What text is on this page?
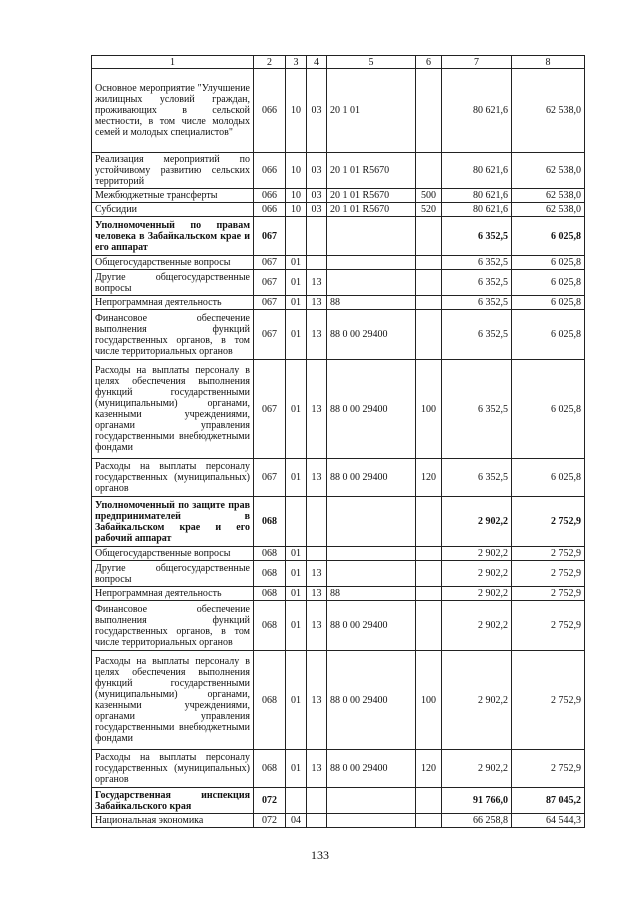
1	2	3	4	5	6	7	8
Основное мероприятие "Улучшение жилищных условий граждан, проживающих в сельской местности, в том числе молодых семей и молодых специалистов"	066	10	03	20 1 01		80 621,6	62 538,0
Реализация мероприятий по устойчивому развитию сельских территорий	066	10	03	20 1 01 R5670		80 621,6	62 538,0
Межбюджетные трансферты	066	10	03	20 1 01 R5670	500	80 621,6	62 538,0
Субсидии	066	10	03	20 1 01 R5670	520	80 621,6	62 538,0
Уполномоченный по правам человека в Забайкальском крае и его аппарат	067					6 352,5	6 025,8
Общегосударственные вопросы	067	01				6 352,5	6 025,8
Другие общегосударственные вопросы	067	01	13			6 352,5	6 025,8
Непрограммная деятельность	067	01	13	88		6 352,5	6 025,8
Финансовое обеспечение выполнения функций государственных органов, в том числе территориальных органов	067	01	13	88 0 00 29400		6 352,5	6 025,8
Расходы на выплаты персоналу в целях обеспечения выполнения функций государственными (муниципальными) органами, казенными учреждениями, органами управления государственными внебюджетными фондами	067	01	13	88 0 00 29400	100	6 352,5	6 025,8
Расходы на выплаты персоналу государственных (муниципальных) органов	067	01	13	88 0 00 29400	120	6 352,5	6 025,8
Уполномоченный по защите прав предпринимателей в Забайкальском крае и его рабочий аппарат	068					2 902,2	2 752,9
Общегосударственные вопросы	068	01				2 902,2	2 752,9
Другие общегосударственные вопросы	068	01	13			2 902,2	2 752,9
Непрограммная деятельность	068	01	13	88		2 902,2	2 752,9
Финансовое обеспечение выполнения функций государственных органов, в том числе территориальных органов	068	01	13	88 0 00 29400		2 902,2	2 752,9
Расходы на выплаты персоналу в целях обеспечения выполнения функций государственными (муниципальными) органами, казенными учреждениями, органами управления государственными внебюджетными фондами	068	01	13	88 0 00 29400	100	2 902,2	2 752,9
Расходы на выплаты персоналу государственных (муниципальных) органов	068	01	13	88 0 00 29400	120	2 902,2	2 752,9
Государственная инспекция Забайкальского края	072					91 766,0	87 045,2
Национальная экономика	072	04				66 258,8	64 544,3
133
